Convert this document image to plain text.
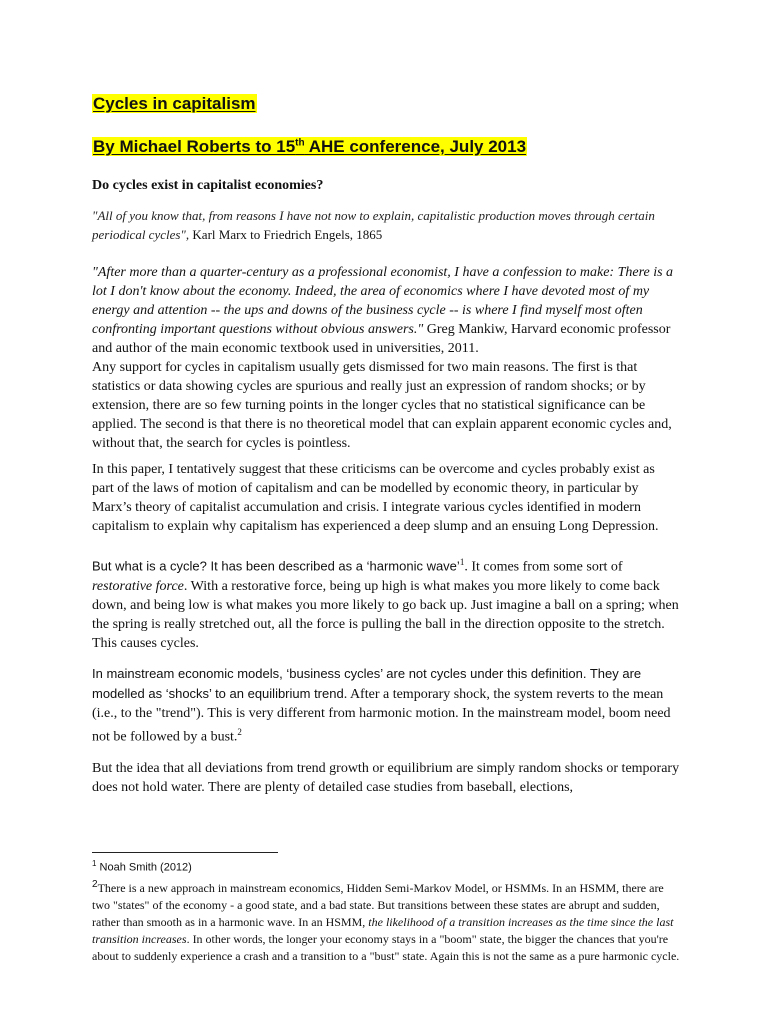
Cycles in capitalism
By Michael Roberts to 15th AHE conference, July 2013
Do cycles exist in capitalist economies?
"All of you know that, from reasons I have not now to explain, capitalistic production moves through certain periodical cycles", Karl Marx to Friedrich Engels, 1865
"After more than a quarter-century as a professional economist, I have a confession to make: There is a lot I don't know about the economy. Indeed, the area of economics where I have devoted most of my energy and attention -- the ups and downs of the business cycle -- is where I find myself most often confronting important questions without obvious answers." Greg Mankiw, Harvard economic professor and author of the main economic textbook used in universities, 2011.
Any support for cycles in capitalism usually gets dismissed for two main reasons. The first is that statistics or data showing cycles are spurious and really just an expression of random shocks; or by extension, there are so few turning points in the longer cycles that no statistical significance can be applied. The second is that there is no theoretical model that can explain apparent economic cycles and, without that, the search for cycles is pointless.
In this paper, I tentatively suggest that these criticisms can be overcome and cycles probably exist as part of the laws of motion of capitalism and can be modelled by economic theory, in particular by Marx’s theory of capitalist accumulation and crisis. I integrate various cycles identified in modern capitalism to explain why capitalism has experienced a deep slump and an ensuing Long Depression.
But what is a cycle? It has been described as a ‘harmonic wave’$^1$. It comes from some sort of restorative force. With a restorative force, being up high is what makes you more likely to come back down, and being low is what makes you more likely to go back up. Just imagine a ball on a spring; when the spring is really stretched out, all the force is pulling the ball in the direction opposite to the stretch. This causes cycles.
In mainstream economic models, ‘business cycles’ are not cycles under this definition. They are modelled as ‘shocks’ to an equilibrium trend. After a temporary shock, the system reverts to the mean (i.e., to the "trend"). This is very different from harmonic motion. In the mainstream model, boom need not be followed by a bust.$^2$
But the idea that all deviations from trend growth or equilibrium are simply random shocks or temporary does not hold water. There are plenty of detailed case studies from baseball, elections,
$^1$ Noah Smith (2012)
$^2$There is a new approach in mainstream economics, Hidden Semi-Markov Model, or HSMMs. In an HSMM, there are two "states" of the economy - a good state, and a bad state. But transitions between these states are abrupt and sudden, rather than smooth as in a harmonic wave. In an HSMM, the likelihood of a transition increases as the time since the last transition increases. In other words, the longer your economy stays in a "boom" state, the bigger the chances that you're about to suddenly experience a crash and a transition to a "bust" state. Again this is not the same as a pure harmonic cycle.
